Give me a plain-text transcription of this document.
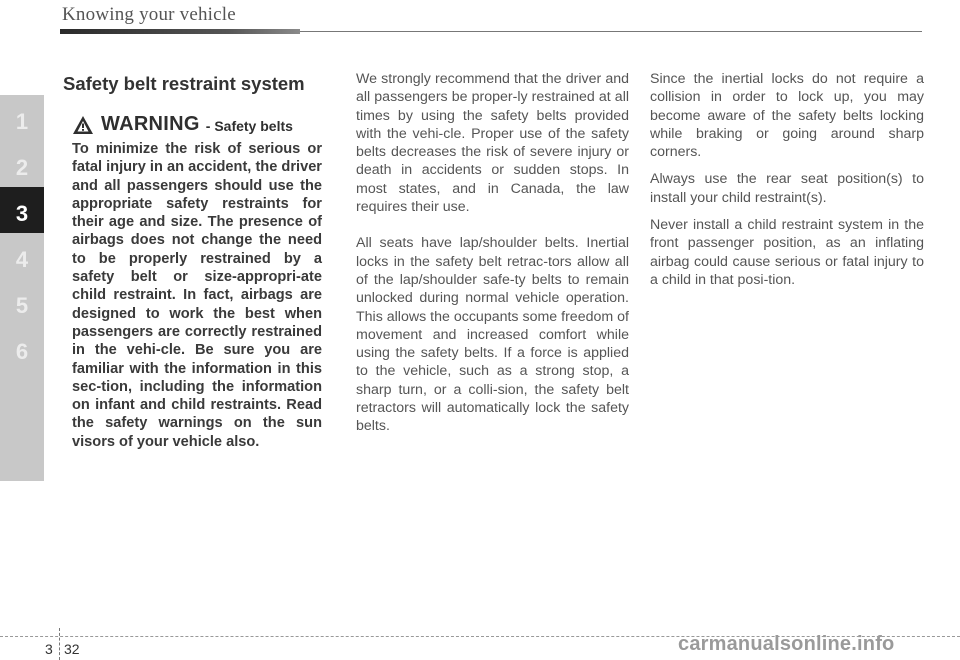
Knowing your vehicle
1
2
3
4
5
6
Safety belt restraint system
WARNING - Safety belts
To minimize the risk of serious or fatal injury in an accident, the driver and all passengers should use the appropriate safety restraints for their age and size. The presence of airbags does not change the need to be properly restrained by a safety belt or size-appropri-ate child restraint. In fact, airbags are designed to work the best when passengers are correctly restrained in the vehi-cle. Be sure you are familiar with the information in this sec-tion, including the information on infant and child restraints. Read the safety warnings on the sun visors of your vehicle also.

We strongly recommend that the driver and all passengers be proper-ly restrained at all times by using the safety belts provided with the vehi-cle. Proper use of the safety belts decreases the risk of severe injury or death in accidents or sudden stops. In most states, and in Canada, the law requires their use.

All seats have lap/shoulder belts. Inertial locks in the safety belt retrac-tors allow all of the lap/shoulder safe-ty belts to remain unlocked during normal vehicle operation. This allows the occupants some freedom of movement and increased comfort while using the safety belts. If a force is applied to the vehicle, such as a strong stop, a sharp turn, or a colli-sion, the safety belt retractors will automatically lock the safety belts.

Since the inertial locks do not require a collision in order to lock up, you may become aware of the safety belts locking while braking or going around sharp corners.

Always use the rear seat position(s) to install your child restraint(s).

Never install a child restraint system in the front passenger position, as an inflating airbag could cause serious or fatal injury to a child in that posi-tion.

3 32	carmanualsonline.info
